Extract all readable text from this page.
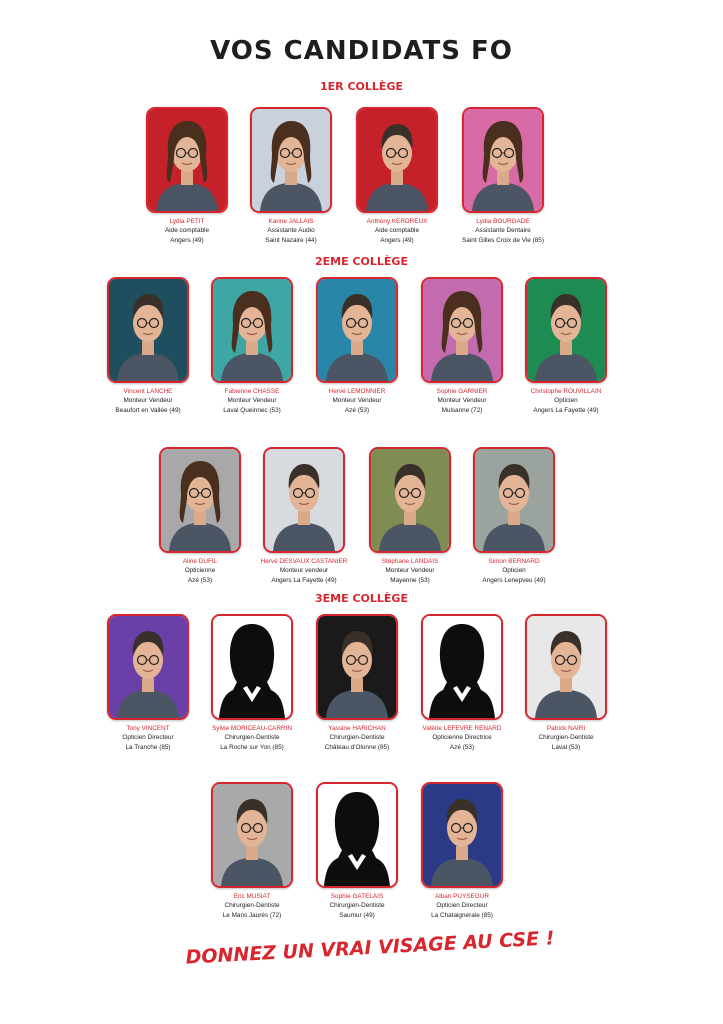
VOS CANDIDATS FO
1ER COLLÈGE
2EME COLLÈGE
3EME COLLÈGE
Lydia PETIT
Aide comptable
Angers (49)
Karine JALLAIS
Assistante Audio
Saint Nazaire (44)
Anthony KERDREUX
Aide comptable
Angers (49)
Lydia BOURGADE
Assistante Dentaire
Saint Gilles Croix de Vie (85)
Vincent LANCHE
Monteur Vendeur
Beaufort en Vallée (49)
Fabienne CHASSE
Monteur Vendeur
Laval Queinnec (53)
Hervé LEMONNIER
Monteur Vendeur
Azé (53)
Sophie GARNIER
Monteur Vendeur
Mulsanne (72)
Christophe ROUVILLAIN
Opticien
Angers La Fayette (49)
Aline DUFIL
Opticienne
Azé (53)
Hervé DESVAUX CASTANIER
Monteur vendeur
Angers La Fayette (49)
Stéphane LANDAIS
Monteur Vendeur
Mayenne (53)
Simon BERNARD
Opticien
Angers Lenepveu (49)
Tony VINCENT
Opticien Directeur
La Tranche (85)
Sylvie MORICEAU-CARRIN
Chirurgien-Dentiste
La Roche sur Yon (85)
Yassine HARICHAN
Chirurgien-Dentiste
Château d'Olonne (85)
Valérie LEFEVRE RENARD
Opticienne Directrice
Azé (53)
Patrick NAIRI
Chirurgien-Dentiste
Laval (53)
Eric MUSIAT
Chirurgien-Dentiste
Le Mans Jaurès (72)
Sophie GATELAIS
Chirurgien-Dentiste
Saumur (49)
Alban PUYSEGUR
Opticien Directeur
La Chataigneraie (85)
DONNEZ UN VRAI VISAGE AU CSE !
